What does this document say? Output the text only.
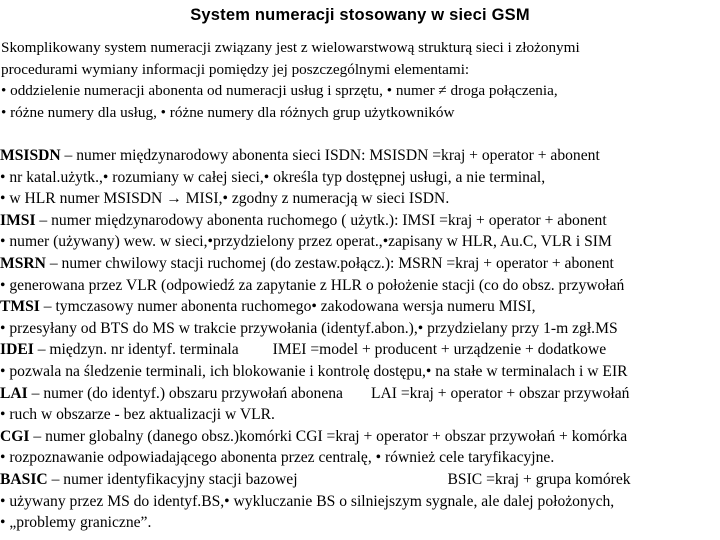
System numeracji stosowany w sieci GSM
Skomplikowany system numeracji związany jest z wielowarstwową strukturą sieci i złożonymi
procedurami wymiany informacji pomiędzy jej poszczególnymi elementami:
• oddzielenie numeracji abonenta od numeracji usług i sprzętu, • numer ≠ droga połączenia,
• różne numery dla usług, • różne numery dla różnych grup użytkowników
MSISDN – numer międzynarodowy abonenta sieci ISDN: MSISDN =kraj + operator + abonent
• nr katal.użytk.,• rozumiany w całej sieci,• określa typ dostępnej usługi, a nie terminal,
• w HLR numer MSISDN → MISI,• zgodny z numeracją w sieci ISDN.
IMSI – numer międzynarodowy abonenta ruchomego ( użytk.): IMSI =kraj + operator + abonent
• numer (używany) wew. w sieci,•przydzielony przez operat.,•zapisany w HLR, Au.C, VLR i SIM
MSRN – numer chwilowy stacji ruchomej (do zestaw.połącz.): MSRN =kraj + operator + abonent
• generowana przez VLR (odpowiedź za zapytanie z HLR o położenie stacji (co do obsz. przywołań
TMSI – tymczasowy numer abonenta ruchomego• zakodowana wersja numeru MISI,
• przesyłany od BTS do MS w trakcie przywołania (identyf.abon.),• przydzielany przy 1-m zgł.MS
IDEI – międzyn. nr identyf. terminala IMEI =model + producent + urządzenie + dodatkowe
• pozwala na śledzenie terminali, ich blokowanie i kontrolę dostępu,• na stałe w terminalach i w EIR
LAI – numer (do identyf.) obszaru przywołań abonena LAI =kraj + operator + obszar przywołań
• ruch w obszarze - bez aktualizacji w VLR.
CGI – numer globalny (danego obsz.)komórki CGI =kraj + operator + obszar przywołań + komórka
• rozpoznawanie odpowiadającego abonenta przez centralę, • również cele taryfikacyjne.
BASIC – numer identyfikacyjny stacji bazowej	BSIC =kraj + grupa komórek
• używany przez MS do identyf.BS,• wykluczanie BS o silniejszym sygnale, ale dalej położonych,
• „problemy graniczne”.
